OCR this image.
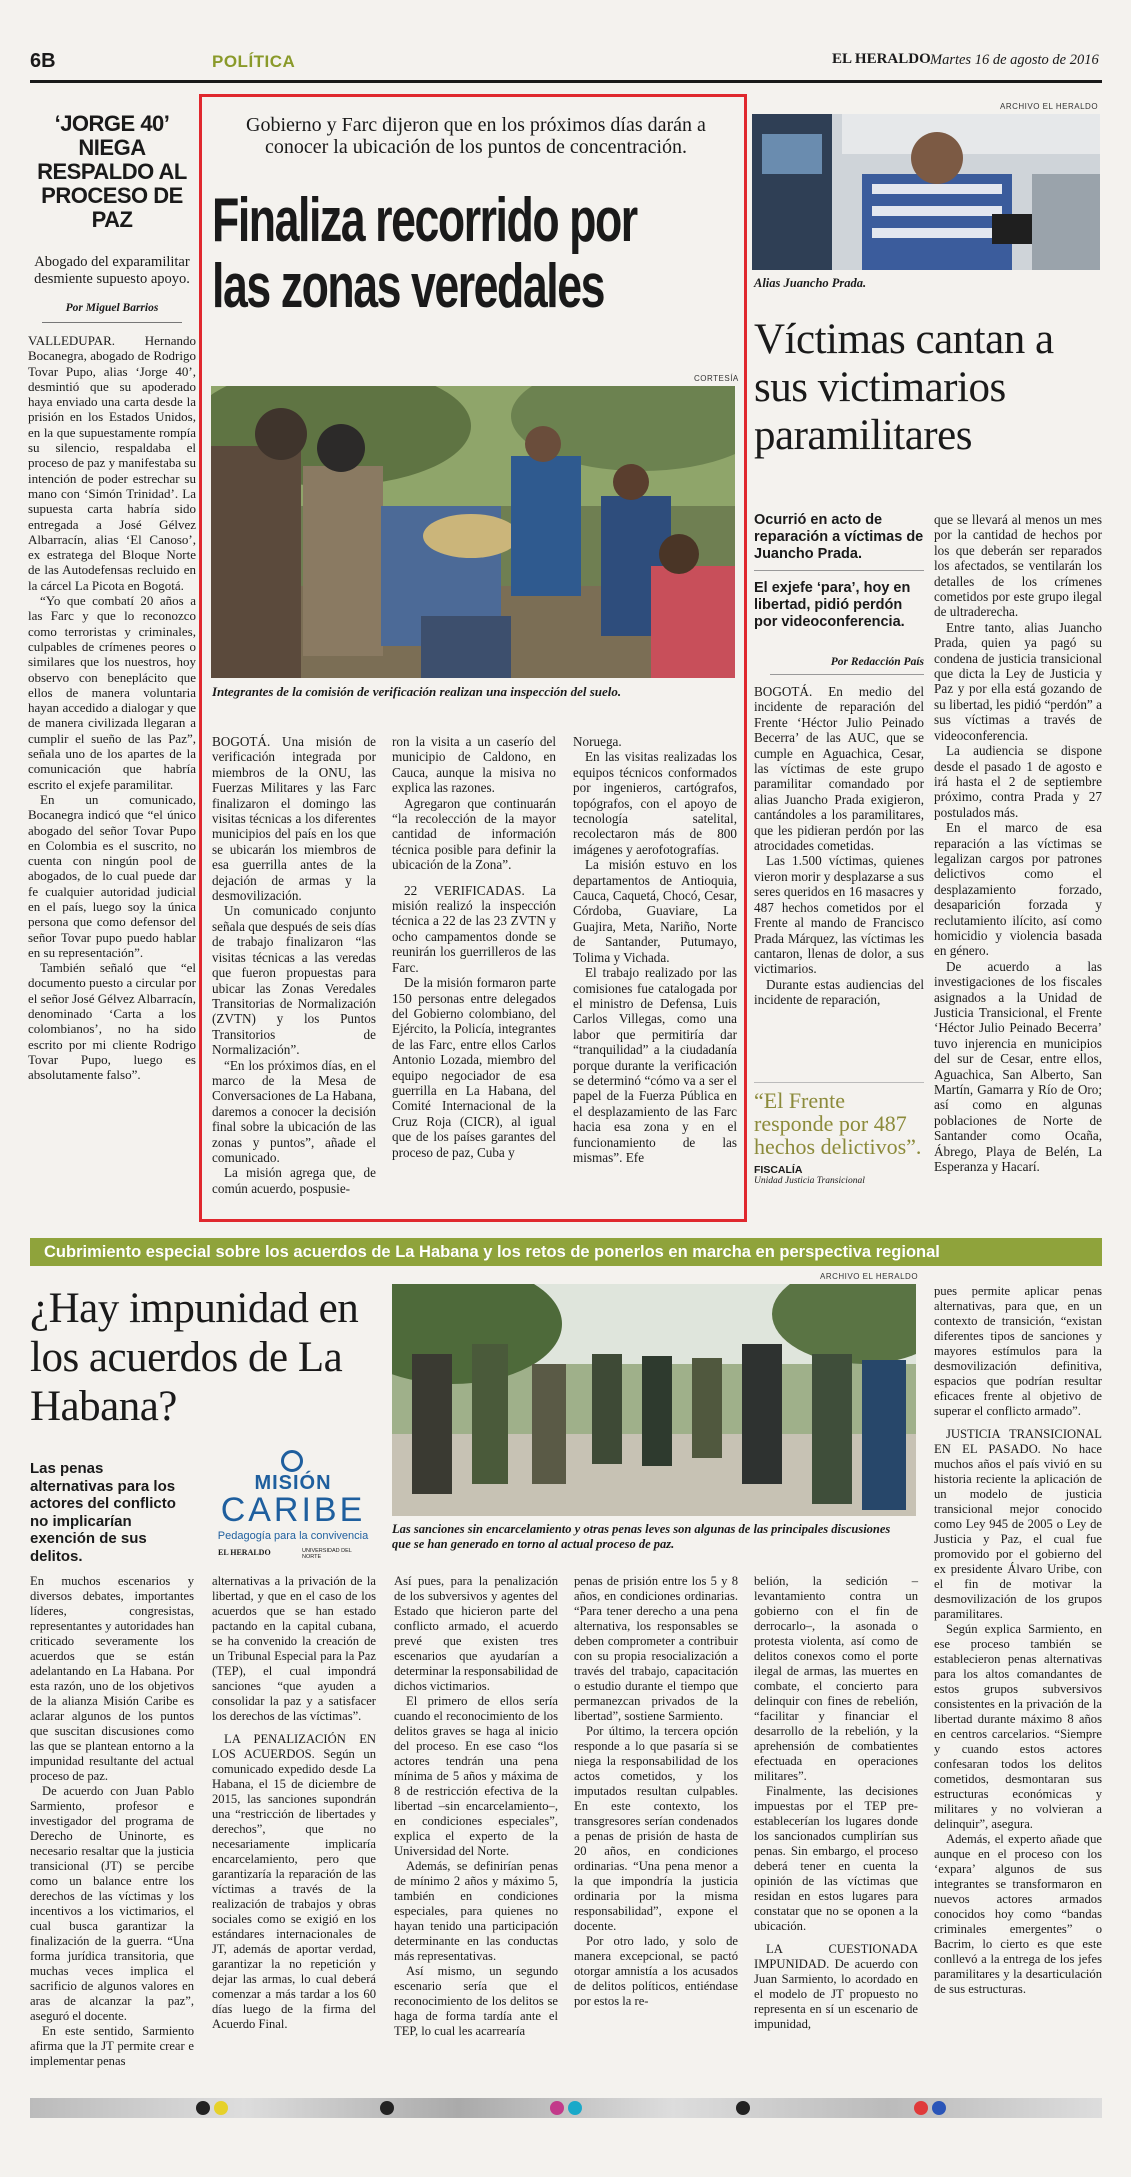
6B	POLÍTICA	EL HERALDO Martes 16 de agosto de 2016
‘JORGE 40’ NIEGA RESPALDO AL PROCESO DE PAZ
Abogado del exparamilitar desmiente supuesto apoyo.
Por Miguel Barrios

VALLEDUPAR. Hernando Bocanegra, abogado de Rodrigo Tovar Pupo, alias ‘Jorge 40’, desmintió que su apoderado haya enviado una carta desde la prisión en los Estados Unidos, en la que supuestamente rompía su silencio, respaldaba el proceso de paz y manifestaba su intención de poder estrechar su mano con ‘Simón Trinidad’. La supuesta carta habría sido entregada a José Gélvez Albarracín, alias ‘El Canoso’, ex estratega del Bloque Norte de las Autodefensas recluido en la cárcel La Picota en Bogotá.

“Yo que combatí 20 años a las Farc y que lo reconozco como terroristas y criminales, culpables de crímenes peores o similares que los nuestros, hoy observo con beneplácito que ellos de manera voluntaria hayan accedido a dialogar y que de manera civilizada llegaran a cumplir el sueño de las Paz”, señala uno de los apartes de la comunicación que habría escrito el exjefe paramilitar.

En un comunicado, Bocanegra indicó que “el único abogado del señor Tovar Pupo en Colombia es el suscrito, no cuenta con ningún pool de abogados, de lo cual puede dar fe cualquier autoridad judicial en el país, luego soy la única persona que como defensor del señor Tovar pupo puedo hablar en su representación”.

También señaló que “el documento puesto a circular por el señor José Gélvez Albarracín, denominado ‘Carta a los colombianos’, no ha sido escrito por mi cliente Rodrigo Tovar Pupo, luego es absolutamente falso”.

Gobierno y Farc dijeron que en los próximos días darán a conocer la ubicación de los puntos de concentración.
Finaliza recorrido por
las zonas veredales
CORTESÍA
Integrantes de la comisión de verificación realizan una inspección del suelo.

BOGOTÁ. Una misión de verificación integrada por miembros de la ONU, las Fuerzas Militares y las Farc finalizaron el domingo las visitas técnicas a los diferentes municipios del país en los que se ubicarán los miembros de esa guerrilla antes de la dejación de armas y la desmovilización.

Un comunicado conjunto señala que después de seis días de trabajo finalizaron “las visitas técnicas a las veredas que fueron propuestas para ubicar las Zonas Veredales Transitorias de Normalización (ZVTN) y los Puntos Transitorios de Normalización”.

“En los próximos días, en el marco de la Mesa de Conversaciones de La Habana, daremos a conocer la decisión final sobre la ubicación de las zonas y puntos”, añade el comunicado.

La misión agrega que, de común acuerdo, pospusie-

ron la visita a un caserío del municipio de Caldono, en Cauca, aunque la misiva no explica las razones.

Agregaron que continuarán “la recolección de la mayor cantidad de información técnica posible para definir la ubicación de la Zona”.

22 VERIFICADAS. La misión realizó la inspección técnica a 22 de las 23 ZVTN y ocho campamentos donde se reunirán los guerrilleros de las Farc.

De la misión formaron parte 150 personas entre delegados del Gobierno colombiano, del Ejército, la Policía, integrantes de las Farc, entre ellos Carlos Antonio Lozada, miembro del equipo negociador de esa guerrilla en La Habana, del Comité Internacional de la Cruz Roja (CICR), al igual que de los países garantes del proceso de paz, Cuba y

Noruega.

En las visitas realizadas los equipos técnicos conformados por ingenieros, cartógrafos, topógrafos, con el apoyo de tecnología satelital, recolectaron más de 800 imágenes y aerofotografías.

La misión estuvo en los departamentos de Antioquia, Cauca, Caquetá, Chocó, Cesar, Córdoba, Guaviare, La Guajira, Meta, Nariño, Norte de Santander, Putumayo, Tolima y Vichada.

El trabajo realizado por las comisiones fue catalogada por el ministro de Defensa, Luis Carlos Villegas, como una labor que permitiría dar “tranquilidad” a la ciudadanía porque durante la verificación se determinó “cómo va a ser el papel de la Fuerza Pública en el desplazamiento de las Farc hacia esa zona y en el funcionamiento de las mismas”. Efe

ARCHIVO EL HERALDO
Alias Juancho Prada.
Víctimas cantan a sus victimarios paramilitares
Ocurrió en acto de reparación a víctimas de Juancho Prada.
El exjefe ‘para’, hoy en libertad, pidió perdón por videoconferencia.
Por Redacción País

BOGOTÁ. En medio del incidente de reparación del Frente ‘Héctor Julio Peinado Becerra’ de las AUC, que se cumple en Aguachica, Cesar, las víctimas de este grupo paramilitar comandado por alias Juancho Prada exigieron, cantándoles a los paramilitares, que les pidieran perdón por las atrocidades cometidas.

Las 1.500 víctimas, quienes vieron morir y desplazarse a sus seres queridos en 16 masacres y 487 hechos cometidos por el Frente al mando de Francisco Prada Márquez, las víctimas les cantaron, llenas de dolor, a sus victimarios.

Durante estas audiencias del incidente de reparación,

“El Frente responde por 487 hechos delictivos”.
FISCALÍA
Unidad Justicia Transicional

que se llevará al menos un mes por la cantidad de hechos por los que deberán ser reparados los afectados, se ventilarán los detalles de los crímenes cometidos por este grupo ilegal de ultraderecha.

Entre tanto, alias Juancho Prada, quien ya pagó su condena de justicia transicional que dicta la Ley de Justicia y Paz y por ella está gozando de su libertad, les pidió “perdón” a sus víctimas a través de videoconferencia.

La audiencia se dispone desde el pasado 1 de agosto e irá hasta el 2 de septiembre próximo, contra Prada y 27 postulados más.

En el marco de esa reparación a las víctimas se legalizan cargos por patrones delictivos como el desplazamiento forzado, desaparición forzada y reclutamiento ilícito, así como homicidio y violencia basada en género.

De acuerdo a las investigaciones de los fiscales asignados a la Unidad de Justicia Transicional, el Frente ‘Héctor Julio Peinado Becerra’ tuvo injerencia en municipios del sur de Cesar, entre ellos, Aguachica, San Alberto, San Martín, Gamarra y Río de Oro; así como en algunas poblaciones de Norte de Santander como Ocaña, Ábrego, Playa de Belén, La Esperanza y Hacarí.

Cubrimiento especial sobre los acuerdos de La Habana y los retos de ponerlos en marcha en perspectiva regional
¿Hay impunidad en los acuerdos de La Habana?
Las penas alternativas para los actores del conflicto no implicarían exención de sus delitos.
MISIÓN
CARIBE
Pedagogía para la convivencia
EL HERALDO	UNIVERSIDAD DEL NORTE
ARCHIVO EL HERALDO
Las sanciones sin encarcelamiento y otras penas leves son algunas de las principales discusiones que se han generado en torno al actual proceso de paz.

En muchos escenarios y diversos debates, importantes líderes, congresistas, representantes y autoridades han criticado severamente los acuerdos que se están adelantando en La Habana. Por esta razón, uno de los objetivos de la alianza Misión Caribe es aclarar algunos de los puntos que suscitan discusiones como las que se plantean entorno a la impunidad resultante del actual proceso de paz.

De acuerdo con Juan Pablo Sarmiento, profesor e investigador del programa de Derecho de Uninorte, es necesario resaltar que la justicia transicional (JT) se percibe como un balance entre los derechos de las víctimas y los incentivos a los victimarios, el cual busca garantizar la finalización de la guerra. “Una forma jurídica transitoria, que muchas veces implica el sacrificio de algunos valores en aras de alcanzar la paz”, aseguró el docente.

En este sentido, Sarmiento afirma que la JT permite crear e implementar penas

alternativas a la privación de la libertad, y que en el caso de los acuerdos que se han estado pactando en la capital cubana, se ha convenido la creación de un Tribunal Especial para la Paz (TEP), el cual impondrá sanciones “que ayuden a consolidar la paz y a satisfacer los derechos de las víctimas”.

LA PENALIZACIÓN EN LOS ACUERDOS. Según un comunicado expedido desde La Habana, el 15 de diciembre de 2015, las sanciones supondrán una “restricción de libertades y derechos”, que no necesariamente implicaría encarcelamiento, pero que garantizaría la reparación de las víctimas a través de la realización de trabajos y obras sociales como se exigió en los estándares internacionales de JT, además de aportar verdad, garantizar la no repetición y dejar las armas, lo cual deberá comenzar a más tardar a los 60 días luego de la firma del Acuerdo Final.

Así pues, para la penalización de los subversivos y agentes del Estado que hicieron parte del conflicto armado, el acuerdo prevé que existen tres escenarios que ayudarían a determinar la responsabilidad de dichos victimarios.

El primero de ellos sería cuando el reconocimiento de los delitos graves se haga al inicio del proceso. En ese caso “los actores tendrán una pena mínima de 5 años y máxima de 8 de restricción efectiva de la libertad –sin encarcelamiento–, en condiciones especiales”, explica el experto de la Universidad del Norte.

Además, se definirían penas de mínimo 2 años y máximo 5, también en condiciones especiales, para quienes no hayan tenido una participación determinante en las conductas más representativas.

Así mismo, un segundo escenario sería que el reconocimiento de los delitos se haga de forma tardía ante el TEP, lo cual les acarrearía

penas de prisión entre los 5 y 8 años, en condiciones ordinarias. “Para tener derecho a una pena alternativa, los responsables se deben comprometer a contribuir con su propia resocialización a través del trabajo, capacitación o estudio durante el tiempo que permanezcan privados de la libertad”, sostiene Sarmiento.

Por último, la tercera opción responde a lo que pasaría si se niega la responsabilidad de los actos cometidos, y los imputados resultan culpables. En este contexto, los transgresores serían condenados a penas de prisión de hasta de 20 años, en condiciones ordinarias. “Una pena menor a la que impondría la justicia ordinaria por la misma responsabilidad”, expone el docente.

Por otro lado, y solo de manera excepcional, se pactó otorgar amnistía a los acusados de delitos políticos, entiéndase por estos la re-

belión, la sedición –levantamiento contra un gobierno con el fin de derrocarlo–, la asonada o protesta violenta, así como de delitos conexos como el porte ilegal de armas, las muertes en combate, el concierto para delinquir con fines de rebelión, “facilitar y financiar el desarrollo de la rebelión, y la aprehensión de combatientes efectuada en operaciones militares”.

Finalmente, las decisiones impuestas por el TEP pre-establecerían los lugares donde los sancionados cumplirían sus penas. Sin embargo, el proceso deberá tener en cuenta la opinión de las víctimas que residan en estos lugares para constatar que no se oponen a la ubicación.

LA CUESTIONADA IMPUNIDAD. De acuerdo con Juan Sarmiento, lo acordado en el modelo de JT propuesto no representa en sí un escenario de impunidad,

pues permite aplicar penas alternativas, para que, en un contexto de transición, “existan diferentes tipos de sanciones y mayores estímulos para la desmovilización definitiva, espacios que podrían resultar eficaces frente al objetivo de superar el conflicto armado”.

JUSTICIA TRANSICIONAL EN EL PASADO. No hace muchos años el país vivió en su historia reciente la aplicación de un modelo de justicia transicional mejor conocido como Ley 945 de 2005 o Ley de Justicia y Paz, el cual fue promovido por el gobierno del ex presidente Álvaro Uribe, con el fin de motivar la desmovilización de los grupos paramilitares.

Según explica Sarmiento, en ese proceso también se establecieron penas alternativas para los altos comandantes de estos grupos subversivos consistentes en la privación de la libertad durante máximo 8 años en centros carcelarios. “Siempre y cuando estos actores confesaran todos los delitos cometidos, desmontaran sus estructuras económicas y militares y no volvieran a delinquir”, asegura.

Además, el experto añade que aunque en el proceso con los ‘expara’ algunos de sus integrantes se transformaron en nuevos actores armados conocidos hoy como “bandas criminales emergentes” o Bacrim, lo cierto es que este conllevó a la entrega de los jefes paramilitares y la desarticulación de sus estructuras.
